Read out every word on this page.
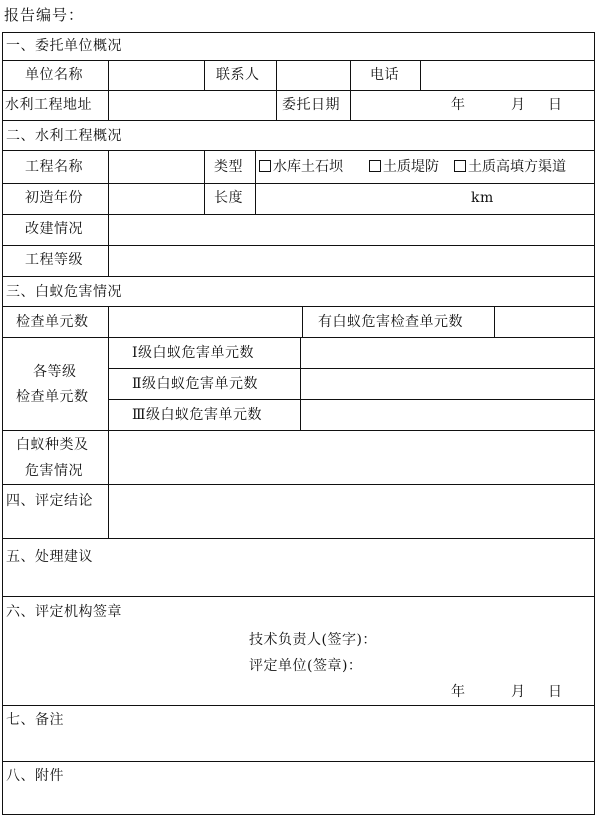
报告编号：
一、委托单位概况
单位名称	联系人	电话
水利工程地址	委托日期	年	月 日
二、水利工程概况
工程名称	类型	水库土石坝	土质堤防	土质高填方渠道
初造年份	长度	km
改建情况
工程等级
三、白蚁危害情况
检查单元数	有白蚁危害检查单元数
各等级
检查单元数
Ⅰ级白蚁危害单元数
Ⅱ级白蚁危害单元数
Ⅲ级白蚁危害单元数
白蚁种类及
危害情况
四、评定结论
五、处理建议
六、评定机构签章
技术负责人(签字)：
评定单位(签章)：
年	月 日
七、备注
八、附件
